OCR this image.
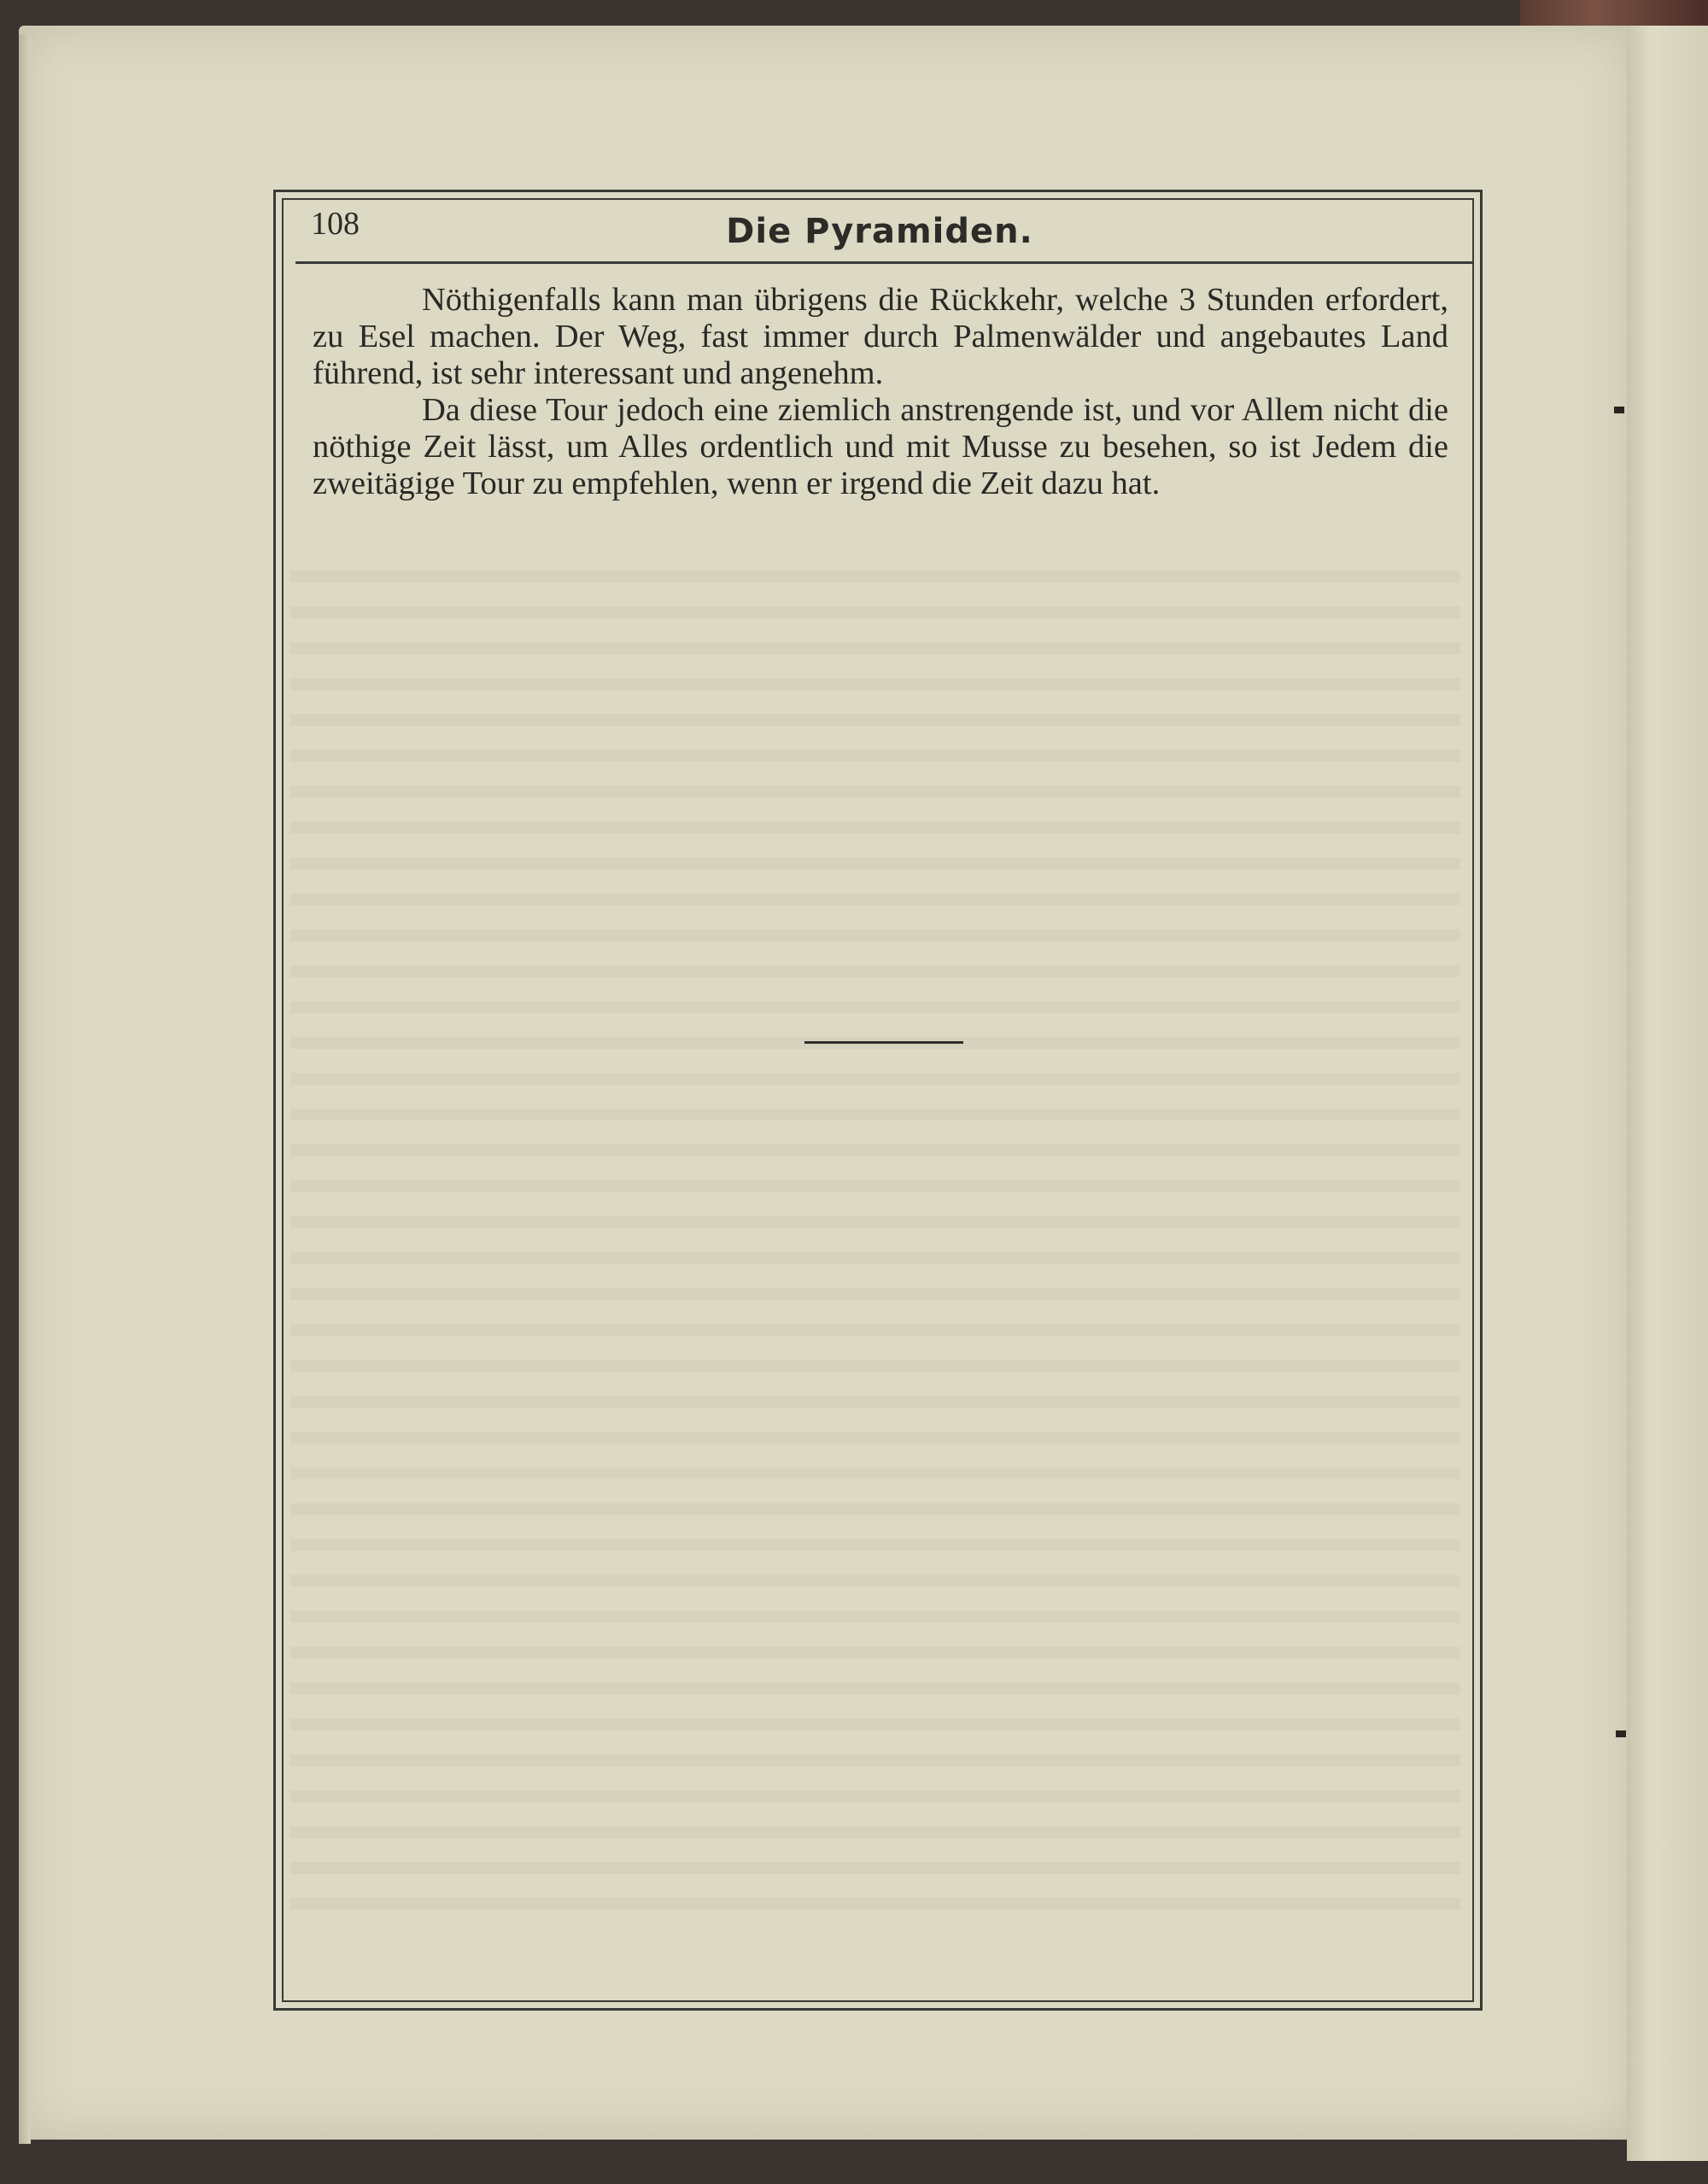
108	Die Pyramiden.

Nöthigenfalls kann man übrigens die Rückkehr, welche 3 Stunden erfordert, zu Esel machen. Der Weg, fast immer durch Palmenwälder und angebautes Land führend, ist sehr interessant und angenehm.

Da diese Tour jedoch eine ziemlich anstrengende ist, und vor Allem nicht die nöthige Zeit lässt, um Alles ordentlich und mit Musse zu besehen, so ist Jedem die zweitägige Tour zu empfehlen, wenn er irgend die Zeit dazu hat.
